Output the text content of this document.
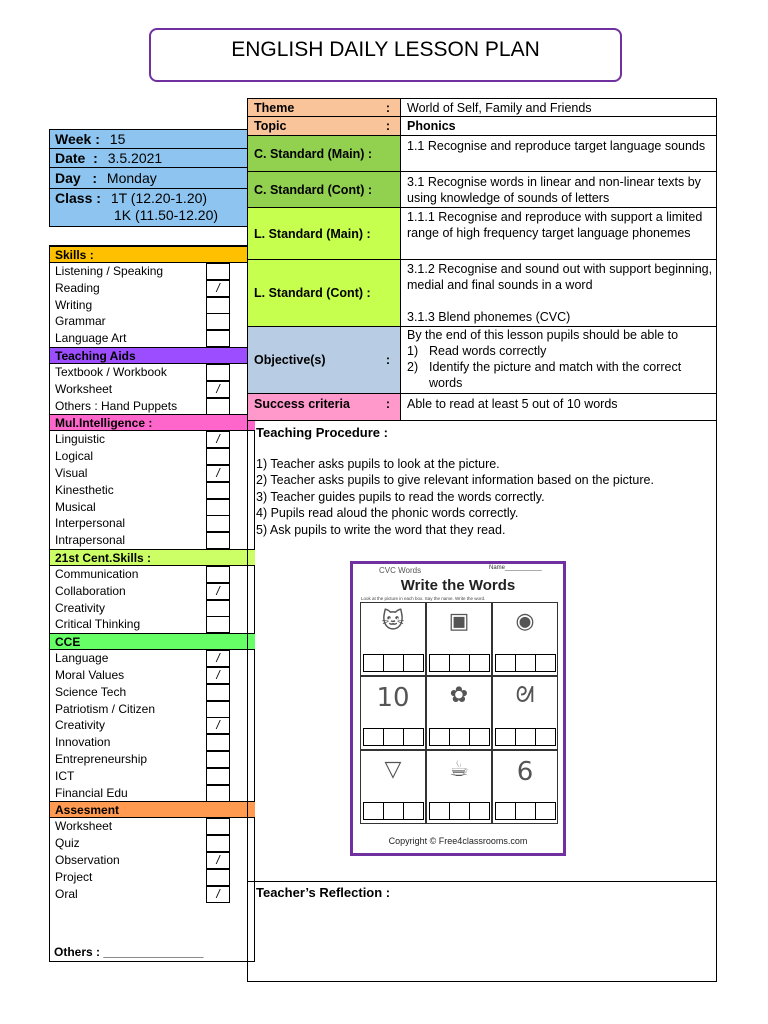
ENGLISH DAILY LESSON PLAN
Week : 15
Date  : 3.5.2021
Day   : Monday
Class : 1T (12.20-1.20)
1K (11.50-12.20)
Skills :
Listening / Speaking
Reading	/
Writing
Grammar
Language Art
Teaching Aids
Textbook / Workbook
Worksheet	/
Others : Hand Puppets
Mul.Intelligence :
Linguistic	/
Logical
Visual	/
Kinesthetic
Musical
Interpersonal
Intrapersonal
21st Cent.Skills :
Communication
Collaboration	/
Creativity
Critical Thinking
CCE
Language	/
Moral Values	/
Science Tech
Patriotism / Citizen
Creativity	/
Innovation
Entrepreneurship
ICT
Financial Edu
Assesment
Worksheet
Quiz
Observation	/
Project
Oral	/
Others : _______________
Theme	:	World of Self, Family and Friends
Topic	:	Phonics
C. Standard (Main) :
1.1 Recognise and reproduce target language sounds
C. Standard (Cont) :
3.1 Recognise words in linear and non-linear texts by using knowledge of sounds of letters
L. Standard (Main) :
1.1.1 Recognise and reproduce with support a limited range of high frequency target language phonemes
L. Standard (Cont) :
3.1.2 Recognise and sound out with support beginning, medial and final sounds in a word
3.1.3 Blend phonemes (CVC)
Objective(s)	:
By the end of this lesson pupils should be able to
1) Read words correctly
2) Identify the picture and match with the correct words
Success criteria	:	Able to read at least 5 out of 10 words
Teaching Procedure :
1) Teacher asks pupils to look at the picture.
2) Teacher asks pupils to give relevant information based on the picture.
3) Teacher guides pupils to read the words correctly.
4) Pupils read aloud the phonic words correctly.
5) Ask pupils to write the word that they read.
Teacher’s Reflection :
CVC Words	Name___________
Write the Words
Look at the picture in each box. Say the name. Write the word.
🐱	▣	◉
10	✿	ᘛ
▽	☕	6
Copyright © Free4classrooms.com
